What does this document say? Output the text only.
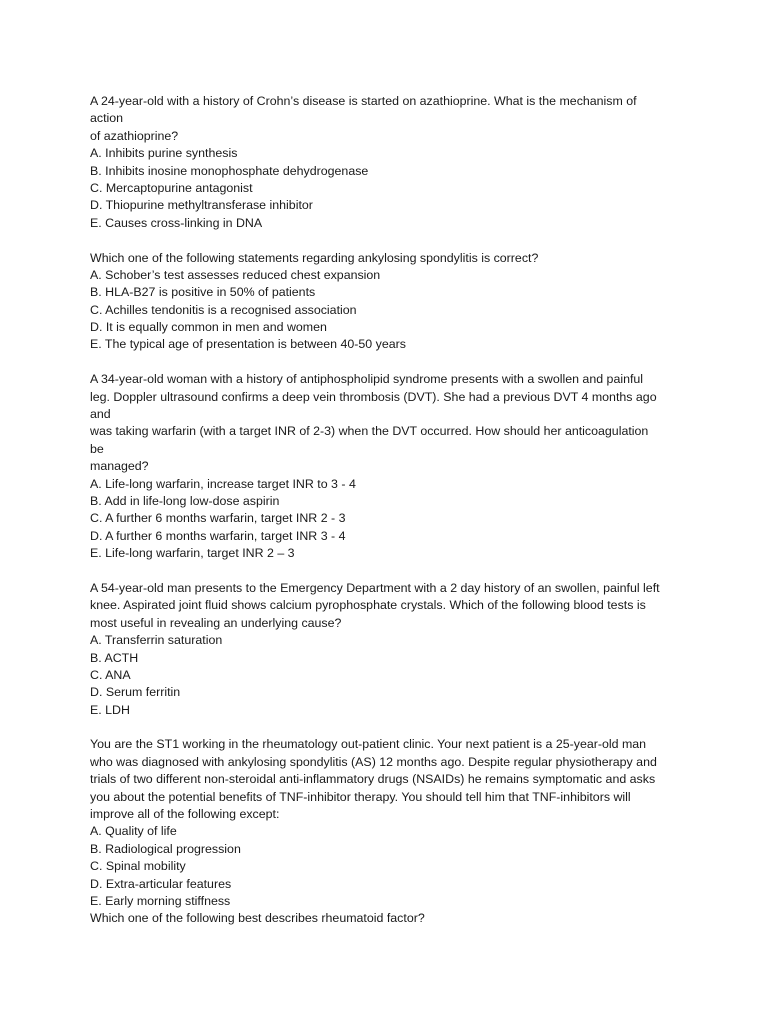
A 24-year-old with a history of Crohn’s disease is started on azathioprine. What is the mechanism of
action
of azathioprine?
A. Inhibits purine synthesis
B. Inhibits inosine monophosphate dehydrogenase
C. Mercaptopurine antagonist
D. Thiopurine methyltransferase inhibitor
E. Causes cross-linking in DNA
Which one of the following statements regarding ankylosing spondylitis is correct?
A. Schober’s test assesses reduced chest expansion
B. HLA-B27 is positive in 50% of patients
C. Achilles tendonitis is a recognised association
D. It is equally common in men and women
E. The typical age of presentation is between 40-50 years
A 34-year-old woman with a history of antiphospholipid syndrome presents with a swollen and painful
leg. Doppler ultrasound confirms a deep vein thrombosis (DVT). She had a previous DVT 4 months ago
and
was taking warfarin (with a target INR of 2-3) when the DVT occurred. How should her anticoagulation
be
managed?
A. Life-long warfarin, increase target INR to 3 - 4
B. Add in life-long low-dose aspirin
C. A further 6 months warfarin, target INR 2 - 3
D. A further 6 months warfarin, target INR 3 - 4
E. Life-long warfarin, target INR 2 – 3
A 54-year-old man presents to the Emergency Department with a 2 day history of an swollen, painful left
knee. Aspirated joint fluid shows calcium pyrophosphate crystals. Which of the following blood tests is
most useful in revealing an underlying cause?
A. Transferrin saturation
B. ACTH
C. ANA
D. Serum ferritin
E. LDH
You are the ST1 working in the rheumatology out-patient clinic. Your next patient is a 25-year-old man
who was diagnosed with ankylosing spondylitis (AS) 12 months ago. Despite regular physiotherapy and
trials of two different non-steroidal anti-inflammatory drugs (NSAIDs) he remains symptomatic and asks
you about the potential benefits of TNF-inhibitor therapy. You should tell him that TNF-inhibitors will
improve all of the following except:
A. Quality of life
B. Radiological progression
C. Spinal mobility
D. Extra-articular features
E. Early morning stiffness
Which one of the following best describes rheumatoid factor?
